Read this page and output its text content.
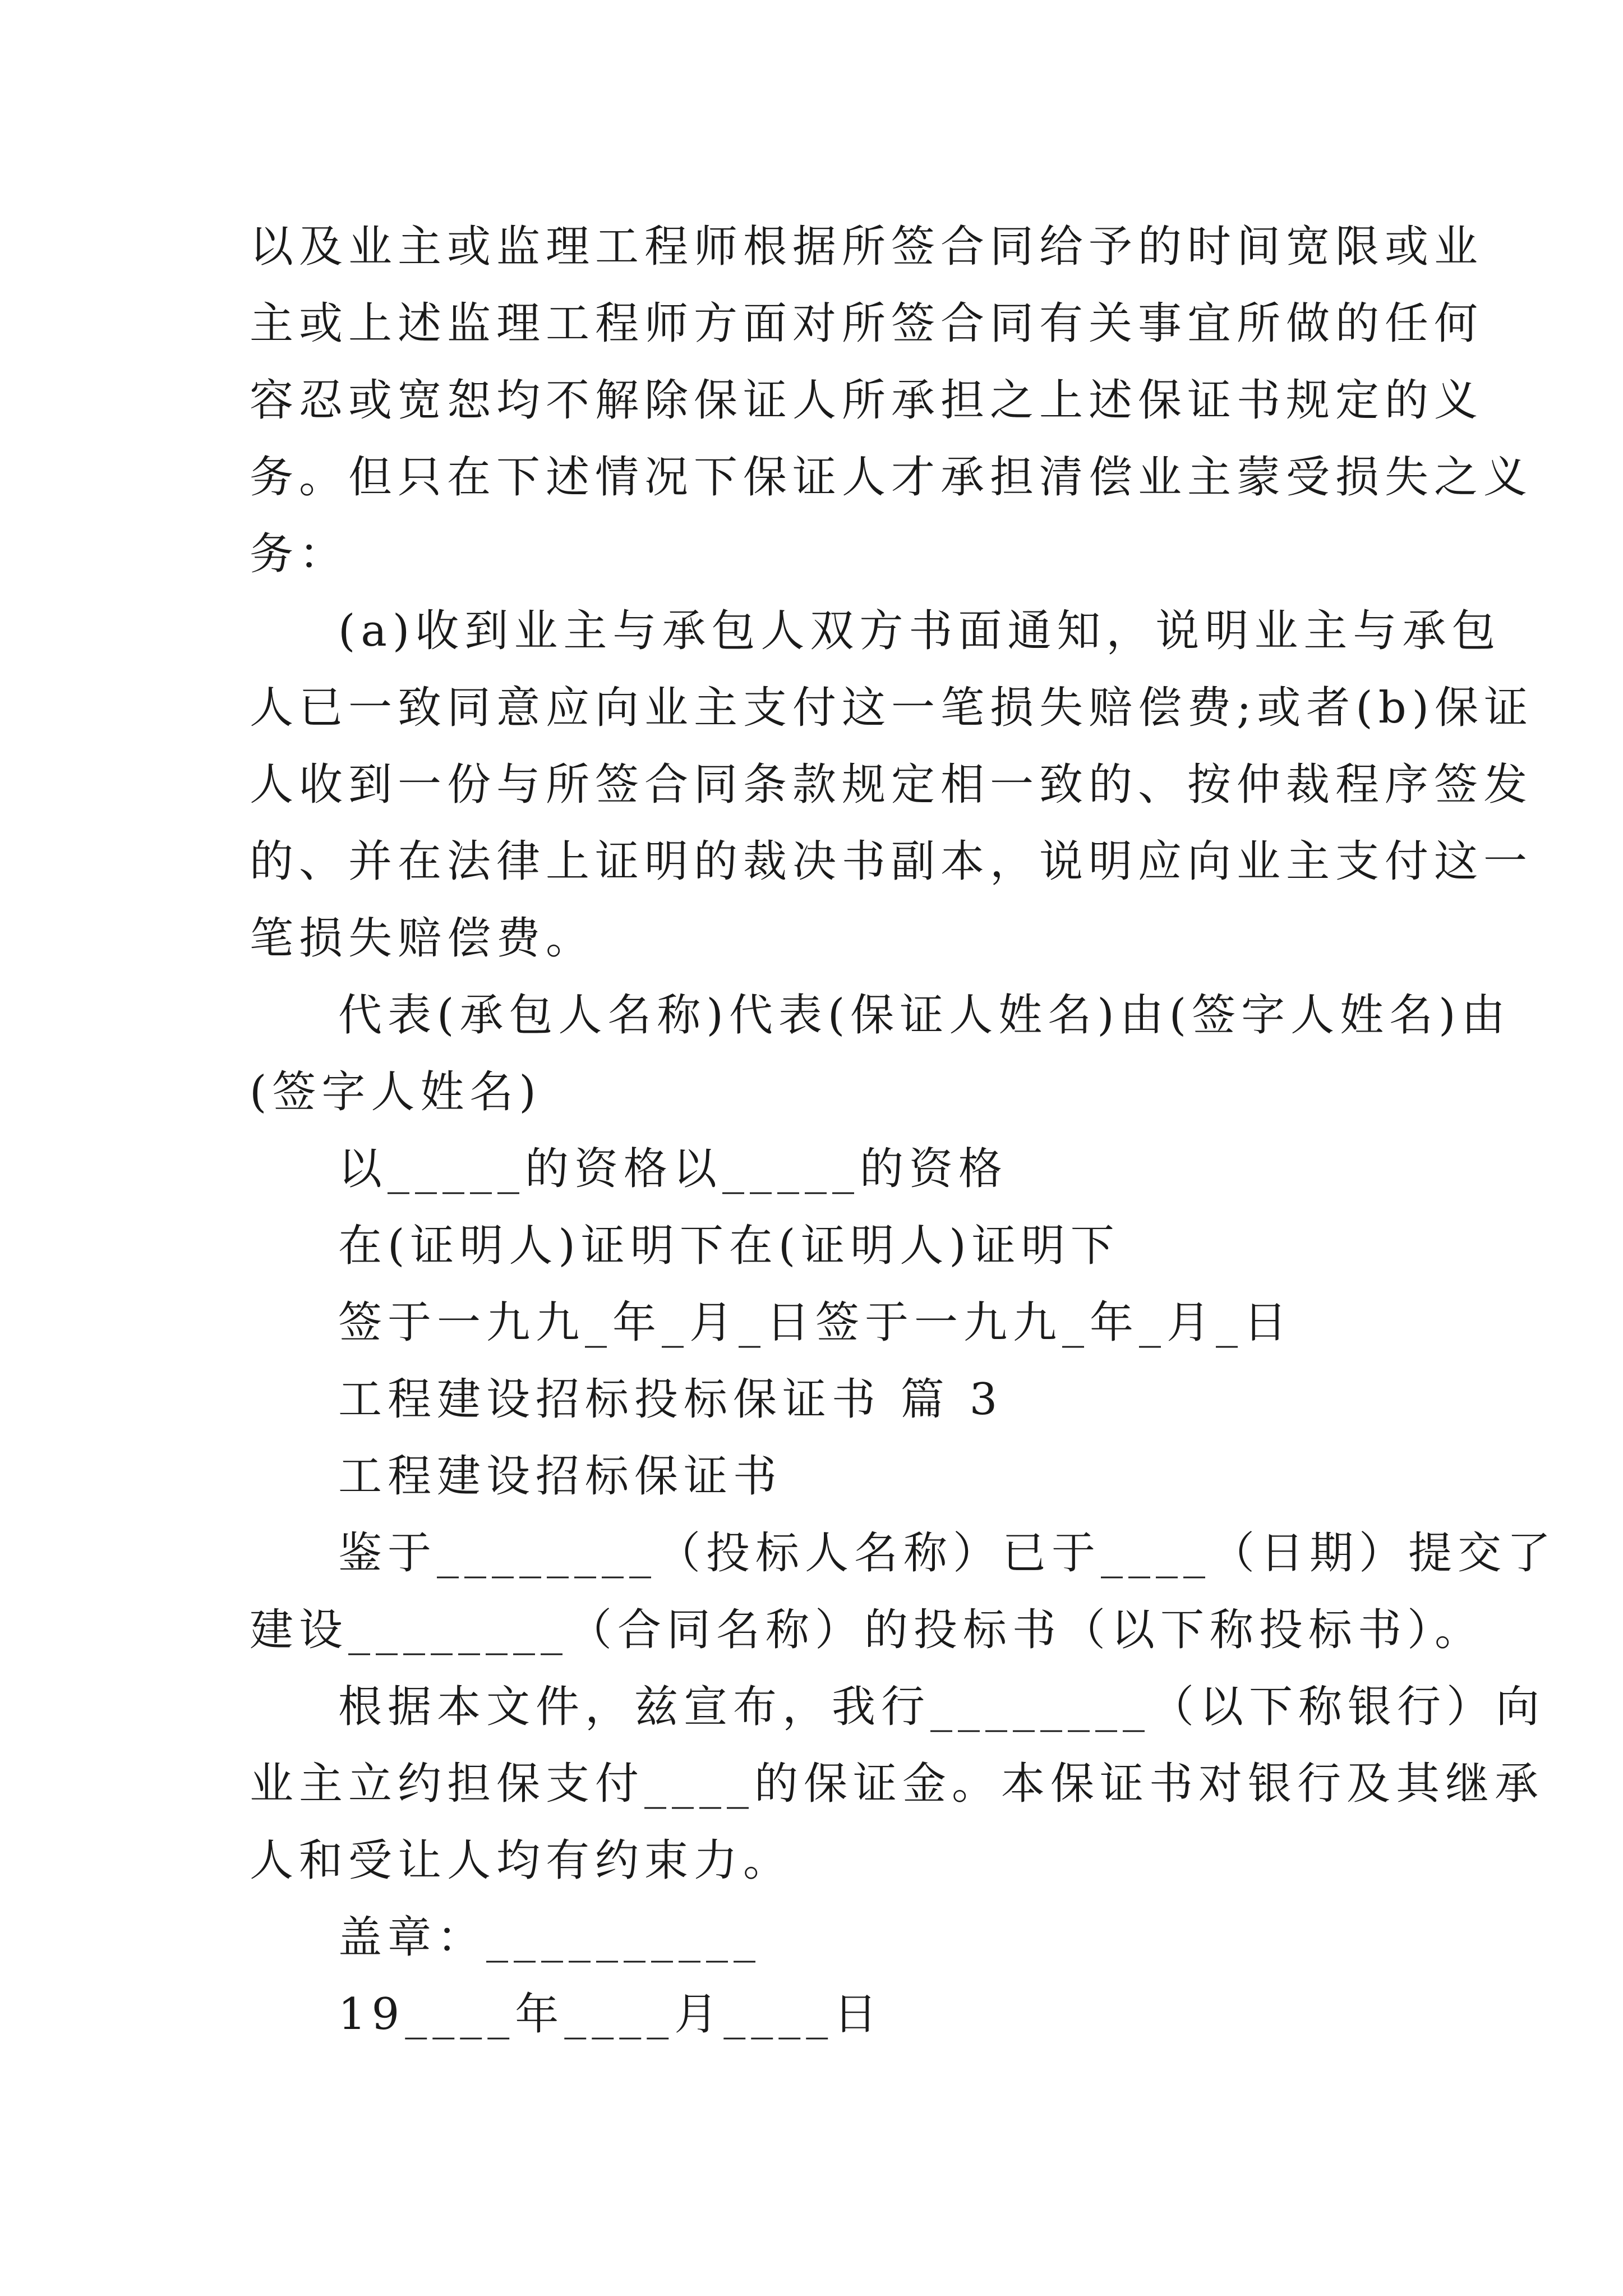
以及业主或监理工程师根据所签合同给予的时间宽限或业
主或上述监理工程师方面对所签合同有关事宜所做的任何
容忍或宽恕均不解除保证人所承担之上述保证书规定的义
务。但只在下述情况下保证人才承担清偿业主蒙受损失之义
务：
(a)收到业主与承包人双方书面通知，说明业主与承包
人已一致同意应向业主支付这一笔损失赔偿费;或者(b)保证
人收到一份与所签合同条款规定相一致的、按仲裁程序签发
的、并在法律上证明的裁决书副本，说明应向业主支付这一
笔损失赔偿费。
代表(承包人名称)代表(保证人姓名)由(签字人姓名)由
(签字人姓名)
以_____的资格以_____的资格
在(证明人)证明下在(证明人)证明下
签于一九九_年_月_日签于一九九_年_月_日
工程建设招标投标保证书 篇 3
工程建设招标保证书
鉴于________（投标人名称）已于____（日期）提交了
建设________（合同名称）的投标书（以下称投标书）。
根据本文件，兹宣布，我行________（以下称银行）向
业主立约担保支付____的保证金。本保证书对银行及其继承
人和受让人均有约束力。
盖章：__________
19____年____月____日
